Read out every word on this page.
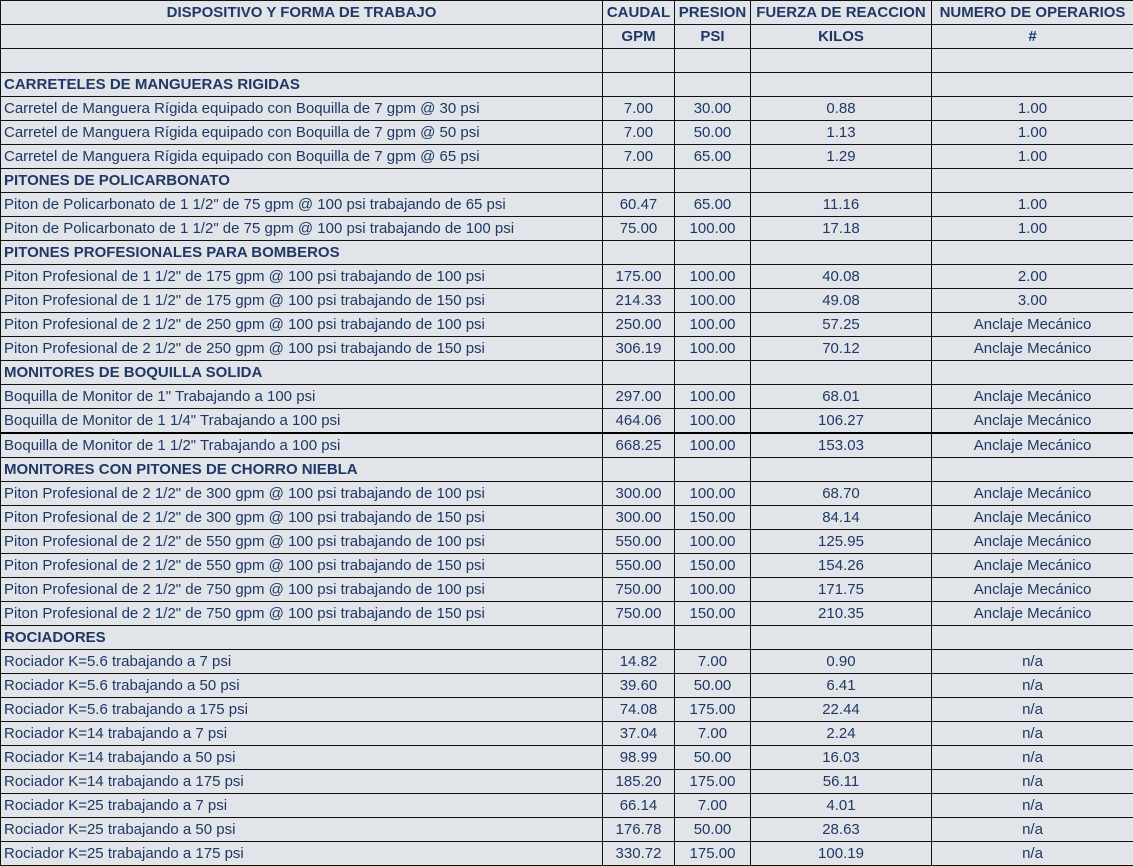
DISPOSITIVO Y FORMA DE TRABAJO	CAUDAL	PRESION	FUERZA DE REACCION	NUMERO DE OPERARIOS
	GPM	PSI	KILOS	#

CARRETELES DE MANGUERAS RIGIDAS				
Carretel de Manguera Rígida equipado con Boquilla de 7 gpm @ 30 psi	7.00	30.00	0.88	1.00
Carretel de Manguera Rígida equipado con Boquilla de 7 gpm @ 50 psi	7.00	50.00	1.13	1.00
Carretel de Manguera Rígida equipado con Boquilla de 7 gpm @ 65 psi	7.00	65.00	1.29	1.00
PITONES DE POLICARBONATO				
Piton de Policarbonato de 1 1/2" de 75 gpm @ 100 psi trabajando de 65 psi	60.47	65.00	11.16	1.00
Piton de Policarbonato de 1 1/2" de 75 gpm @ 100 psi trabajando de 100 psi	75.00	100.00	17.18	1.00
PITONES PROFESIONALES PARA BOMBEROS				
Piton Profesional de 1 1/2" de 175 gpm @ 100 psi trabajando de 100 psi	175.00	100.00	40.08	2.00
Piton Profesional de 1 1/2" de 175 gpm @ 100 psi trabajando de 150 psi	214.33	100.00	49.08	3.00
Piton Profesional de 2 1/2" de 250 gpm @ 100 psi trabajando de 100 psi	250.00	100.00	57.25	Anclaje Mecánico
Piton Profesional de 2 1/2" de 250 gpm @ 100 psi trabajando de 150 psi	306.19	100.00	70.12	Anclaje Mecánico
MONITORES DE BOQUILLA SOLIDA				
Boquilla de Monitor de 1" Trabajando a 100 psi	297.00	100.00	68.01	Anclaje Mecánico
Boquilla de Monitor de 1 1/4" Trabajando a 100 psi	464.06	100.00	106.27	Anclaje Mecánico
Boquilla de Monitor de 1 1/2" Trabajando a 100 psi	668.25	100.00	153.03	Anclaje Mecánico
MONITORES CON PITONES DE CHORRO NIEBLA				
Piton Profesional de 2 1/2" de 300 gpm @ 100 psi trabajando de 100 psi	300.00	100.00	68.70	Anclaje Mecánico
Piton Profesional de 2 1/2" de 300 gpm @ 100 psi trabajando de 150 psi	300.00	150.00	84.14	Anclaje Mecánico
Piton Profesional de 2 1/2" de 550 gpm @ 100 psi trabajando de 100 psi	550.00	100.00	125.95	Anclaje Mecánico
Piton Profesional de 2 1/2" de 550 gpm @ 100 psi trabajando de 150 psi	550.00	150.00	154.26	Anclaje Mecánico
Piton Profesional de 2 1/2" de 750 gpm @ 100 psi trabajando de 100 psi	750.00	100.00	171.75	Anclaje Mecánico
Piton Profesional de 2 1/2" de 750 gpm @ 100 psi trabajando de 150 psi	750.00	150.00	210.35	Anclaje Mecánico
ROCIADORES				
Rociador K=5.6 trabajando a 7 psi	14.82	7.00	0.90	n/a
Rociador K=5.6 trabajando a 50 psi	39.60	50.00	6.41	n/a
Rociador K=5.6 trabajando a 175 psi	74.08	175.00	22.44	n/a
Rociador K=14 trabajando a 7 psi	37.04	7.00	2.24	n/a
Rociador K=14 trabajando a 50 psi	98.99	50.00	16.03	n/a
Rociador K=14 trabajando a 175 psi	185.20	175.00	56.11	n/a
Rociador K=25 trabajando a 7 psi	66.14	7.00	4.01	n/a
Rociador K=25 trabajando a 50 psi	176.78	50.00	28.63	n/a
Rociador K=25 trabajando a 175 psi	330.72	175.00	100.19	n/a
